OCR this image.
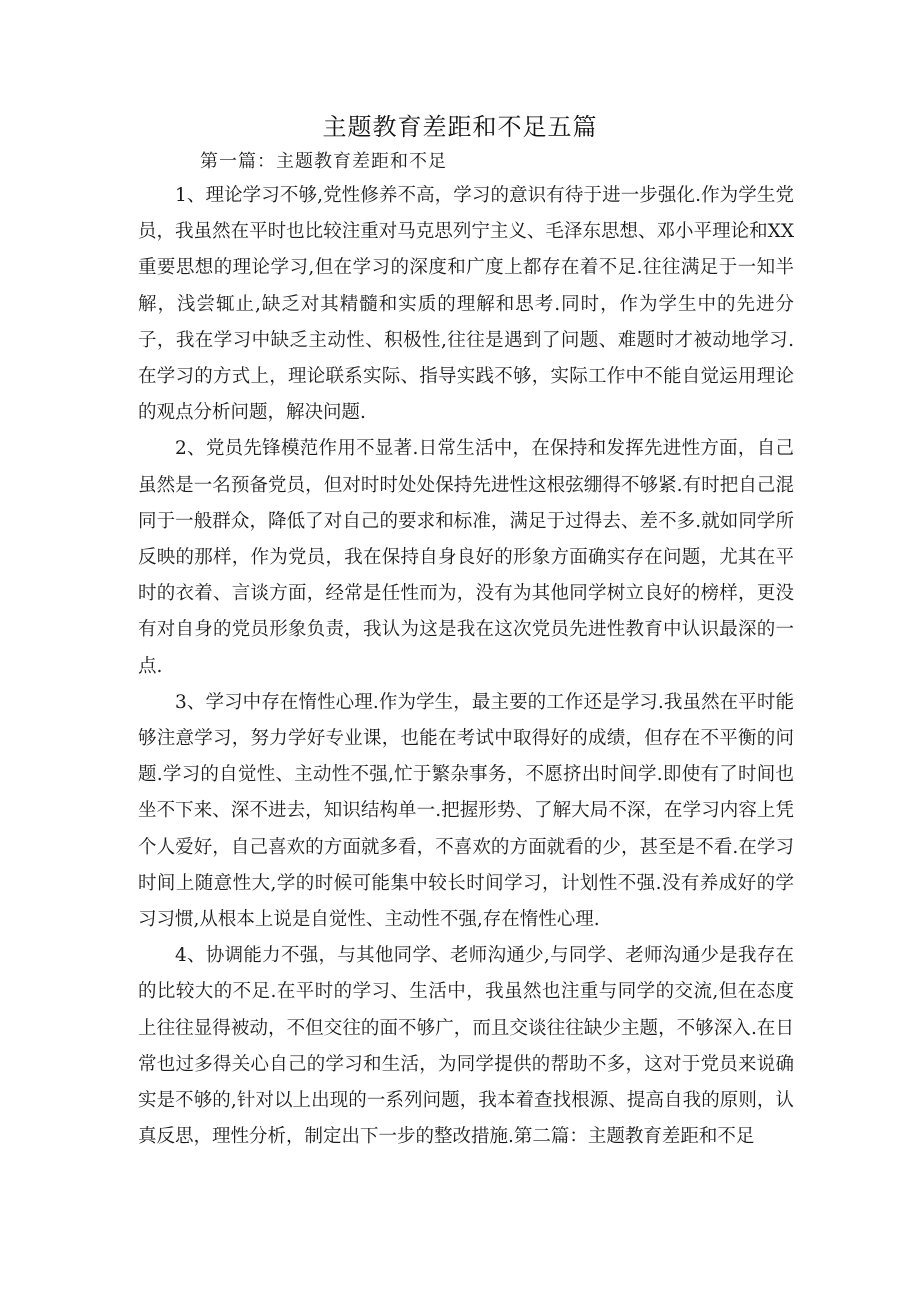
主题教育差距和不足五篇
第一篇：主题教育差距和不足

1、理论学习不够,党性修养不高，学习的意识有待于进一步强化.作为学生党员，我虽然在平时也比较注重对马克思列宁主义、毛泽东思想、邓小平理论和XX重要思想的理论学习,但在学习的深度和广度上都存在着不足.往往满足于一知半解，浅尝辄止,缺乏对其精髓和实质的理解和思考.同时，作为学生中的先进分子，我在学习中缺乏主动性、积极性,往往是遇到了问题、难题时才被动地学习.在学习的方式上，理论联系实际、指导实践不够，实际工作中不能自觉运用理论的观点分析问题，解决问题.

2、党员先锋模范作用不显著.日常生活中，在保持和发挥先进性方面，自己虽然是一名预备党员，但对时时处处保持先进性这根弦绷得不够紧.有时把自己混同于一般群众，降低了对自己的要求和标准，满足于过得去、差不多.就如同学所反映的那样，作为党员，我在保持自身良好的形象方面确实存在问题，尤其在平时的衣着、言谈方面，经常是任性而为，没有为其他同学树立良好的榜样，更没有对自身的党员形象负责，我认为这是我在这次党员先进性教育中认识最深的一点.

3、学习中存在惰性心理.作为学生，最主要的工作还是学习.我虽然在平时能够注意学习，努力学好专业课，也能在考试中取得好的成绩，但存在不平衡的问题.学习的自觉性、主动性不强,忙于繁杂事务，不愿挤出时间学.即使有了时间也坐不下来、深不进去，知识结构单一.把握形势、了解大局不深，在学习内容上凭个人爱好，自己喜欢的方面就多看，不喜欢的方面就看的少，甚至是不看.在学习时间上随意性大,学的时候可能集中较长时间学习，计划性不强.没有养成好的学习习惯,从根本上说是自觉性、主动性不强,存在惰性心理.

4、协调能力不强，与其他同学、老师沟通少,与同学、老师沟通少是我存在的比较大的不足.在平时的学习、生活中，我虽然也注重与同学的交流,但在态度上往往显得被动，不但交往的面不够广，而且交谈往往缺少主题，不够深入.在日常也过多得关心自己的学习和生活，为同学提供的帮助不多，这对于党员来说确实是不够的,针对以上出现的一系列问题，我本着查找根源、提高自我的原则，认真反思，理性分析，制定出下一步的整改措施.第二篇：主题教育差距和不足
